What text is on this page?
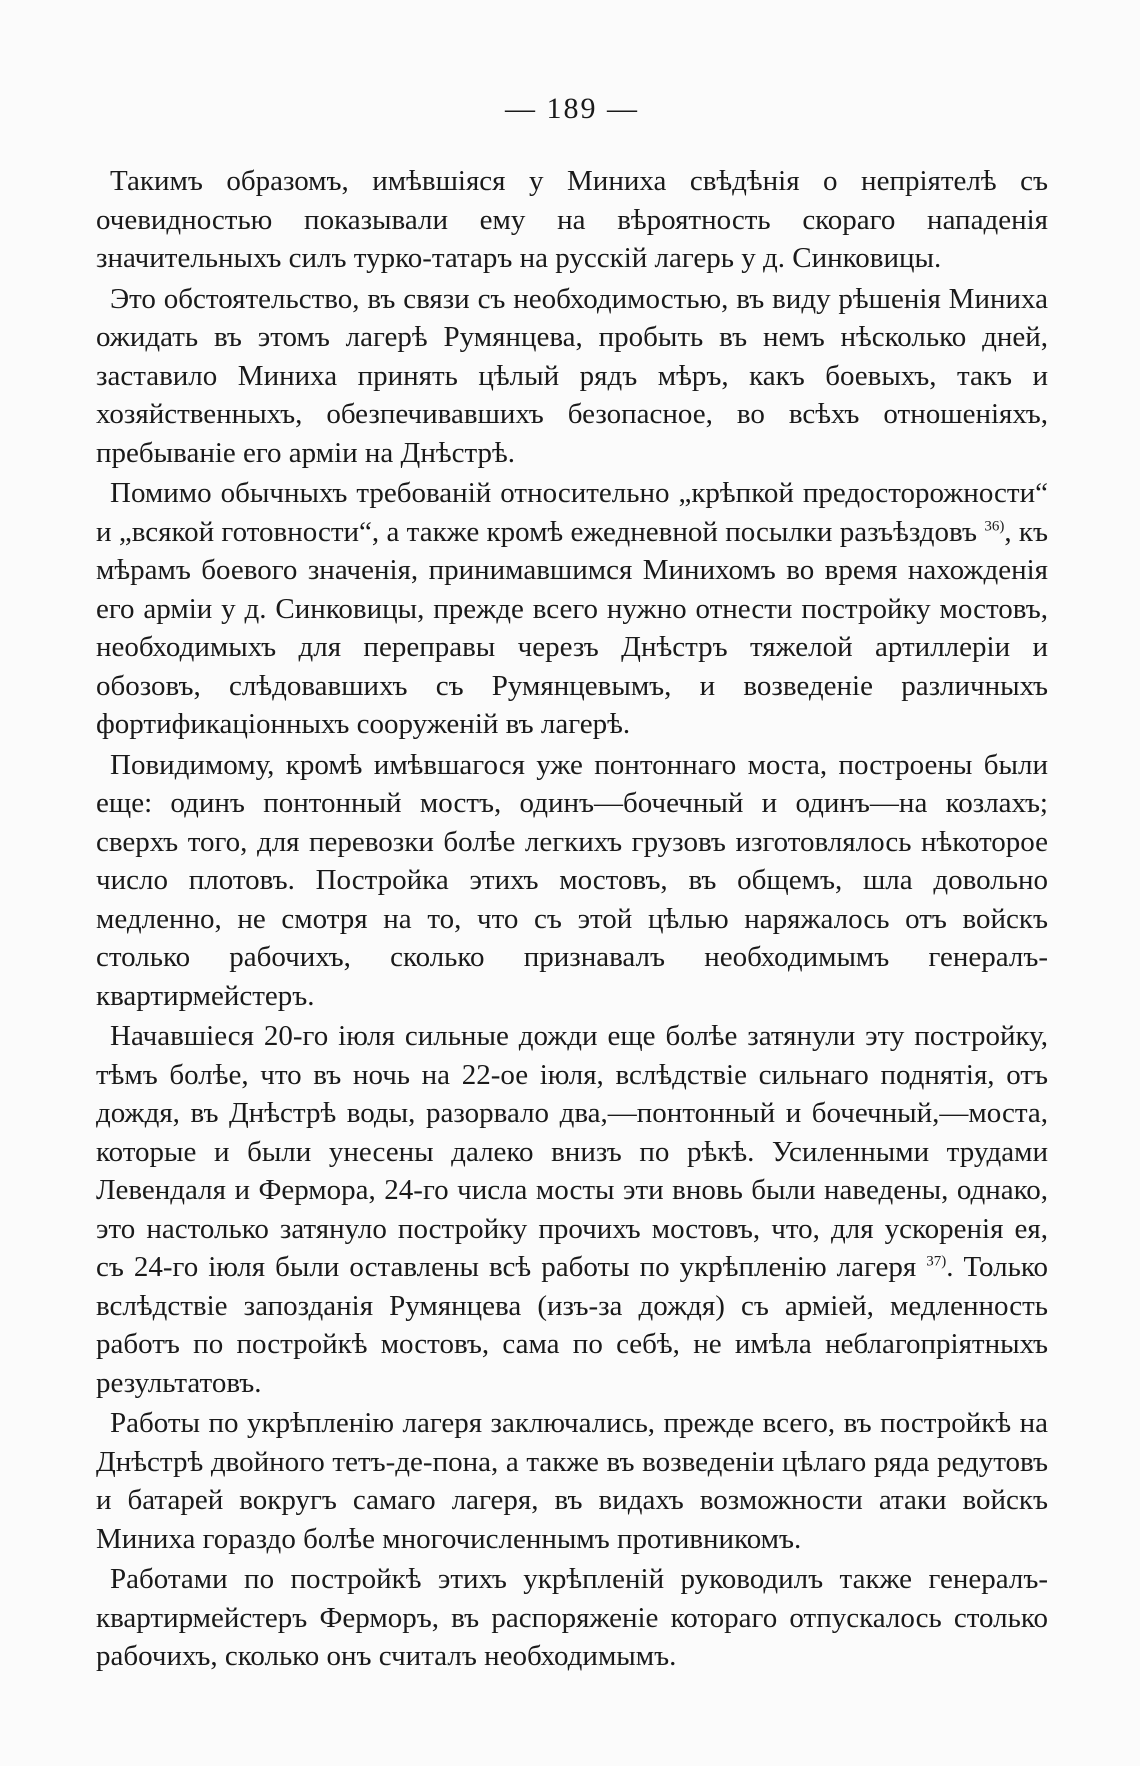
— 189 —

Такимъ образомъ, имѣвшіяся у Миниха свѣдѣнія о непріятелѣ съ очевидностью показывали ему на вѣроятность скораго нападенія значительныхъ силъ турко-татаръ на русскій лагерь у д. Синковицы.

Это обстоятельство, въ связи съ необходимостью, въ виду рѣшенія Миниха ожидать въ этомъ лагерѣ Румянцева, пробыть въ немъ нѣсколько дней, заставило Миниха принять цѣлый рядъ мѣръ, какъ боевыхъ, такъ и хозяйственныхъ, обезпечивавшихъ безопасное, во всѣхъ отношеніяхъ, пребываніе его арміи на Днѣстрѣ.

Помимо обычныхъ требованій относительно „крѣпкой предосторожности“ и „всякой готовности“, а также кромѣ ежедневной посылки разъѣздовъ $^{36)}$, къ мѣрамъ боевого значенія, принимавшимся Минихомъ во время нахожденія его арміи у д. Синковицы, прежде всего нужно отнести постройку мостовъ, необходимыхъ для переправы черезъ Днѣстръ тяжелой артиллеріи и обозовъ, слѣдовавшихъ съ Румянцевымъ, и возведеніе различныхъ фортификаціонныхъ сооруженій въ лагерѣ.

Повидимому, кромѣ имѣвшагося уже понтоннаго моста, построены были еще: одинъ понтонный мостъ, одинъ—бочечный и одинъ—на козлахъ; сверхъ того, для перевозки болѣе легкихъ грузовъ изготовлялось нѣкоторое число плотовъ. Постройка этихъ мостовъ, въ общемъ, шла довольно медленно, не смотря на то, что съ этой цѣлью наряжалось отъ войскъ столько рабочихъ, сколько признавалъ необходимымъ генералъ-квартирмейстеръ.

Начавшіеся 20-го іюля сильные дожди еще болѣе затянули эту постройку, тѣмъ болѣе, что въ ночь на 22-ое іюля, вслѣдствіе сильнаго поднятія, отъ дождя, въ Днѣстрѣ воды, разорвало два,—понтонный и бочечный,—моста, которые и были унесены далеко внизъ по рѣкѣ. Усиленными трудами Левендаля и Фермора, 24-го числа мосты эти вновь были наведены, однако, это настолько затянуло постройку прочихъ мостовъ, что, для ускоренія ея, съ 24-го іюля были оставлены всѣ работы по укрѣпленію лагеря $^{37)}$. Только вслѣдствіе запозданія Румянцева (изъ-за дождя) съ арміей, медленность работъ по постройкѣ мостовъ, сама по себѣ, не имѣла неблагопріятныхъ результатовъ.

Работы по укрѣпленію лагеря заключались, прежде всего, въ постройкѣ на Днѣстрѣ двойного тетъ-де-пона, а также въ возведеніи цѣлаго ряда редутовъ и батарей вокругъ самаго лагеря, въ видахъ возможности атаки войскъ Миниха гораздо болѣе многочисленнымъ противникомъ.

Работами по постройкѣ этихъ укрѣпленій руководилъ также генералъ-квартирмейстеръ Ферморъ, въ распоряженіе котораго отпускалось столько рабочихъ, сколько онъ считалъ необходимымъ.
